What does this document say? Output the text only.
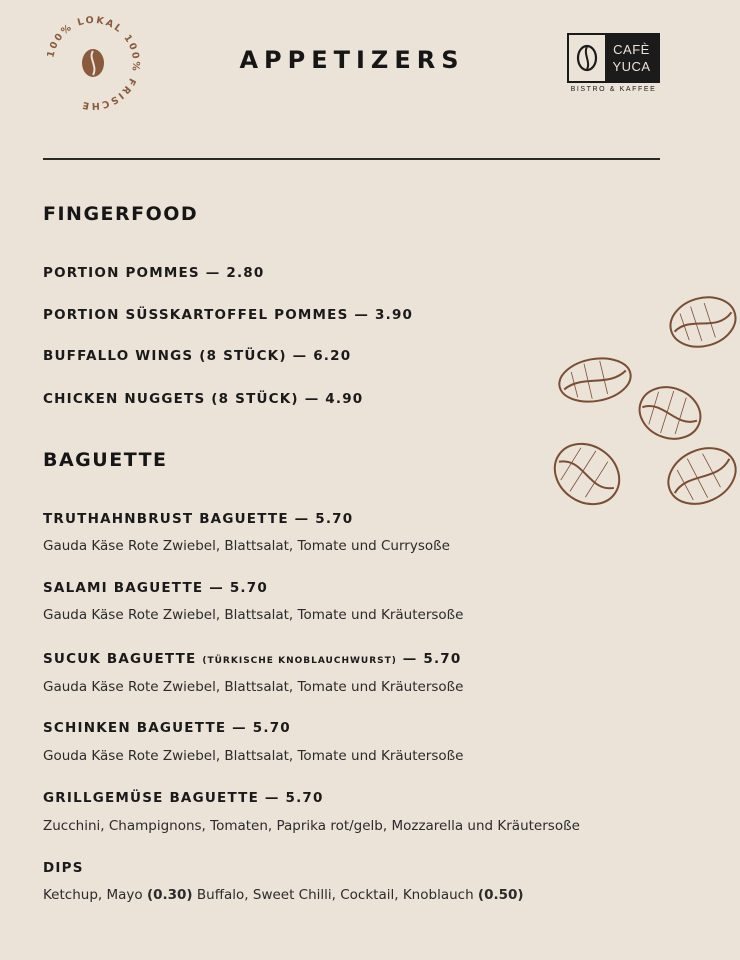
100% LOKAL 100% FRISCHE
APPETIZERS	CAFÈ
YUCA
BISTRO & KAFFEE
FINGERFOOD

PORTION POMMES — 2.80

PORTION SÜSSKARTOFFEL POMMES — 3.90

BUFFALLO WINGS (8 STÜCK) — 6.20

CHICKEN NUGGETS (8 STÜCK) — 4.90

BAGUETTE

TRUTHAHNBRUST BAGUETTE — 5.70

Gauda Käse Rote Zwiebel, Blattsalat, Tomate und Currysoße

SALAMI BAGUETTE — 5.70

Gauda Käse Rote Zwiebel, Blattsalat, Tomate und Kräutersoße

SUCUK BAGUETTE (TÜRKISCHE KNOBLAUCHWURST) — 5.70

Gauda Käse Rote Zwiebel, Blattsalat, Tomate und Kräutersoße

SCHINKEN BAGUETTE — 5.70

Gouda Käse Rote Zwiebel, Blattsalat, Tomate und Kräutersoße

GRILLGEMÜSE BAGUETTE — 5.70

Zucchini, Champignons, Tomaten, Paprika rot/gelb, Mozzarella und Kräutersoße

DIPS

Ketchup, Mayo (0.30) Buffalo, Sweet Chilli, Cocktail, Knoblauch (0.50)
